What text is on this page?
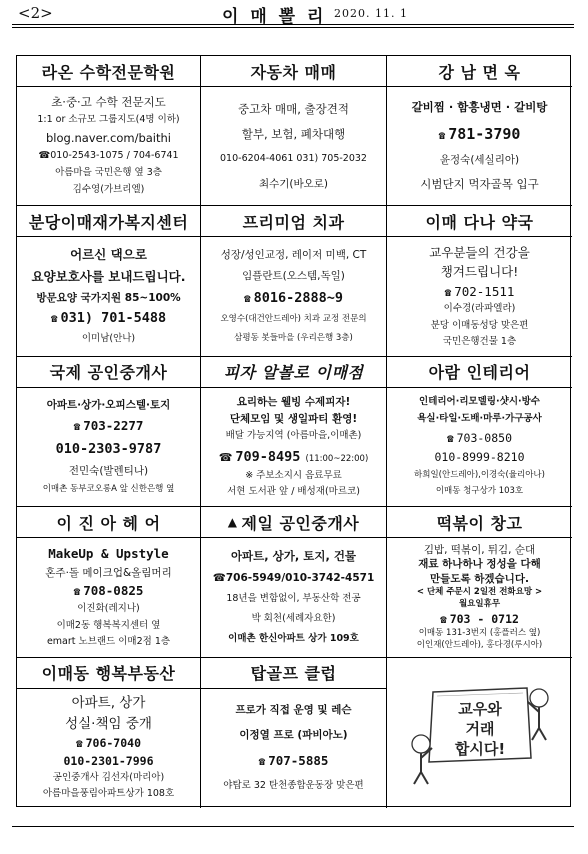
<2>	이 매 뽈 리 2020. 11. 1
라온 수학전문학원
초·중·고 수학 전문지도
1:1 or 소규모 그룹지도(4명 이하)
blog.naver.com/baithi
☎010-2543-1075 / 704-6741
아름마을 국민은행 옆 3층
김수영(가브리엘)
자동차 매매
중고차 매매, 출장견적
할부, 보험, 폐차대행
010-6204-4061 031) 705-2032
최수기(바오로)
강 남 면 옥
갈비찜 · 함흥냉면 · 갈비탕
☎ 781-3790
윤정숙(세실리아)
시범단지 먹자골목 입구
분당이매재가복지센터
어르신 댁으로
요양보호사를 보내드립니다.
방문요양 국가지원 85~100%
☎ 031) 701-5488
이미남(안나)
프리미엄 치과
성장/성인교정, 레이저 미백, CT
임플란트(오스템,독일)
☎ 8016-2888~9
오영수(대건안드레아) 치과 교정 전문의
삼평동 봇들마을 (우리은행 3층)
이매 다나 약국
교우분들의 건강을
챙겨드립니다!
☎ 702-1511
이수경(라파엘라)
분당 이매동성당 맞은편
국민은행건물 1층
국제 공인중개사
아파트·상가·오피스텔·토지
☎ 703-2277
010-2303-9787
전민숙(발렌티나)
이매촌 동부코오롱A 앞 신한은행 옆
피자 알볼로 이매점
요리하는 웰빙 수제피자!
단체모임 및 생일파티 환영!
배달 가능지역 (아름마을,이매촌)
☎ 709-8495 (11:00~22:00)
※ 주보소지시 음료무료
서현 도서관 앞 / 배성재(마르코)
아람 인테리어
인테리어·리모델링·샷시·방수
욕실·타일·도배·마루·가구공사
☎ 703-0850
010-8999-8210
하희일(안드레아),이경숙(율리아나)
이매동 청구상가 103호
이 진 아 헤 어
MakeUp & Upstyle
혼주·돌 메이크업&올림머리
☎ 708-0825
이진화(레지나)
이매2동 행복복지센터 옆
emart 노브랜드 이매2점 1층
▲ 제일 공인중개사
아파트, 상가, 토지, 건물
☎706-5949/010-3742-4571
18년을 변함없이, 부동산학 전공
박 회천(세례자요한)
이매촌 한신아파트 상가 109호
떡볶이 창고
김밥, 떡볶이, 튀김, 순대
재료 하나하나 정성을 다해
만들도록 하겠습니다.
< 단체 주문시 2일전 전화요망 >
월요일휴무
☎ 703 - 0712
이매동 131-3번지 (홍플러스 옆)
이인재(안드레아), 홍다경(루시아)
이매동 행복부동산
아파트, 상가
성실·책임 중개
☎ 706-7040
010-2301-7996
공인중개사 김선자(마리아)
아름마을풍림아파트상가 108호
탑골프 클럽
프로가 직접 운영 및 레슨
이정열 프로 (파비아노)
☎ 707-5885
야탑로 32 탄천종합운동장 맞은편
교우와
거래
합시다!
